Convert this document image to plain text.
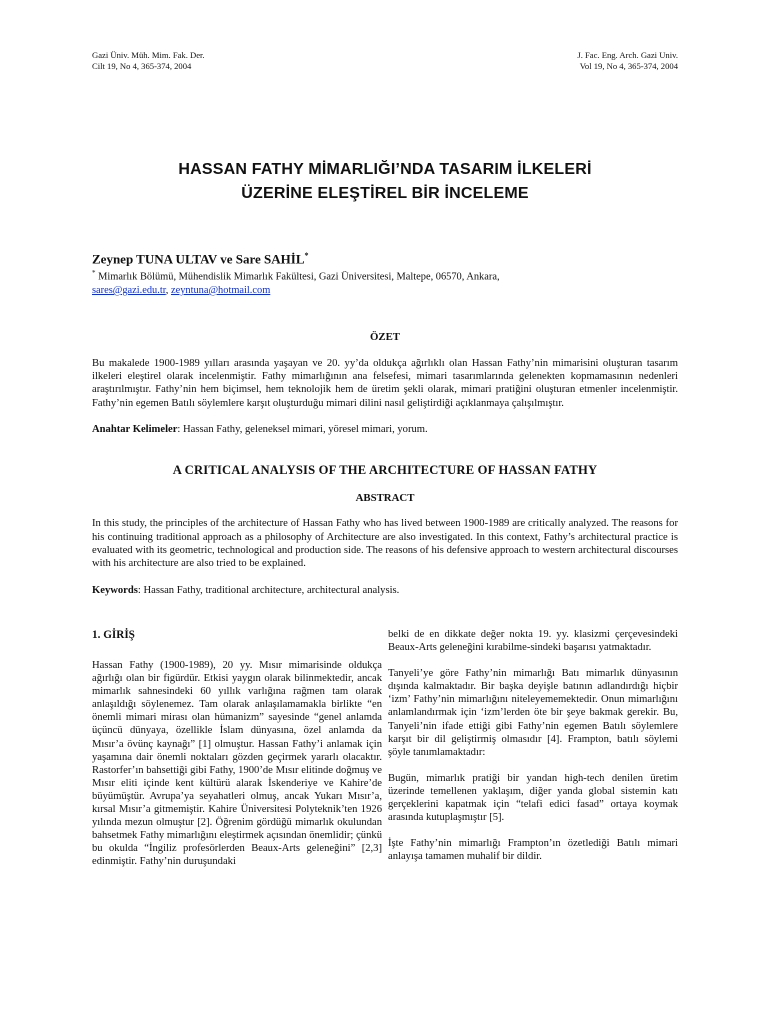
Gazi Üniv. Müh. Mim. Fak. Der.
Cilt 19, No 4, 365-374, 2004
J. Fac. Eng. Arch. Gazi Univ.
Vol 19, No 4, 365-374, 2004
HASSAN FATHY MİMARLIĞI’NDA TASARIM İLKELERİ
ÜZERİNE ELEŞTİREL BİR İNCELEME
Zeynep TUNA ULTAV ve Sare SAHİL*
* Mimarlık Bölümü, Mühendislik Mimarlık Fakültesi, Gazi Üniversitesi, Maltepe, 06570, Ankara,
sares@gazi.edu.tr, zeyntuna@hotmail.com
ÖZET

Bu makalede 1900-1989 yılları arasında yaşayan ve 20. yy’da oldukça ağırlıklı olan Hassan Fathy’nin mimarisini oluşturan tasarım ilkeleri eleştirel olarak incelenmiştir. Fathy mimarlığının ana felsefesi, mimari tasarımlarında gelenekten kopmamasının nedenleri araştırılmıştır. Fathy’nin hem biçimsel, hem teknolojik hem de üretim şekli olarak, mimari pratiğini oluşturan etmenler incelenmiştir. Fathy’nin egemen Batılı söylemlere karşıt oluşturduğu mimari dilini nasıl geliştirdiği açıklanmaya çalışılmıştır.

Anahtar Kelimeler: Hassan Fathy, geleneksel mimari, yöresel mimari, yorum.

A CRITICAL ANALYSIS OF THE ARCHITECTURE OF HASSAN FATHY
ABSTRACT

In this study, the principles of the architecture of Hassan Fathy who has lived between 1900-1989 are critically analyzed. The reasons for his continuing traditional approach as a philosophy of Architecture are also investigated. In this context, Fathy’s architectural practice is evaluated with its geometric, technological and production side. The reasons of his defensive approach to western architectural discourses with his architecture are also tried to be explained.

Keywords: Hassan Fathy, traditional architecture, architectural analysis.

1. GİRİŞ

Hassan Fathy (1900-1989), 20 yy. Mısır mimarisinde oldukça ağırlığı olan bir figürdür. Etkisi yaygın olarak bilinmektedir, ancak mimarlık sahnesindeki 60 yıllık varlığına rağmen tam olarak anlaşıldığı söylenemez. Tam olarak anlaşılamamakla birlikte “en önemli mimari mirası olan hümanizm” sayesinde “genel anlamda üçüncü dünyaya, özellikle İslam dünyasına, özel anlamda da Mısır’a övünç kaynağı” [1] olmuştur. Hassan Fathy’i anlamak için yaşamına dair önemli noktaları gözden geçirmek yararlı olacaktır. Rastorfer’ın bahsettiği gibi Fathy, 1900’de Mısır elitinde doğmuş ve Mısır eliti içinde kent kültürü alarak İskenderiye ve Kahire’de büyümüştür. Avrupa’ya seyahatleri olmuş, ancak Yukarı Mısır’a, kırsal Mısır’a gitmemiştir. Kahire Üniversitesi Polyteknik’ten 1926 yılında mezun olmuştur [2]. Öğrenim gördüğü mimarlık okulundan bahsetmek Fathy mimarlığını eleştirmek açısından önemlidir; çünkü bu okulda “İngiliz profesörlerden Beaux-Arts geleneğini” [2,3] edinmiştir. Fathy’nin duruşundaki

belki de en dikkate değer nokta 19. yy. klasizmi çerçevesindeki Beaux-Arts geleneğini kırabilme-sindeki başarısı yatmaktadır.

Tanyeli’ye göre Fathy’nin mimarlığı Batı mimarlık dünyasının dışında kalmaktadır. Bir başka deyişle batının adlandırdığı hiçbir ‘izm’ Fathy’nin mimarlığını niteleyememektedir. Onun mimarlığını anlamlandırmak için ‘izm’lerden öte bir şeye bakmak gerekir. Bu, Tanyeli’nin ifade ettiği gibi Fathy’nin egemen Batılı söylemlere karşıt bir dil geliştirmiş olmasıdır [4]. Frampton, batılı söylemi şöyle tanımlamaktadır:

Bugün, mimarlık pratiği bir yandan high-tech denilen üretim üzerinde temellenen yaklaşım, diğer yanda global sistemin katı gerçeklerini kapatmak için “telafi edici fasad” ortaya koymak arasında kutuplaşmıştır [5].

İşte Fathy’nin mimarlığı Frampton’ın özetlediği Batılı mimari anlayışa tamamen muhalif bir dildir.
